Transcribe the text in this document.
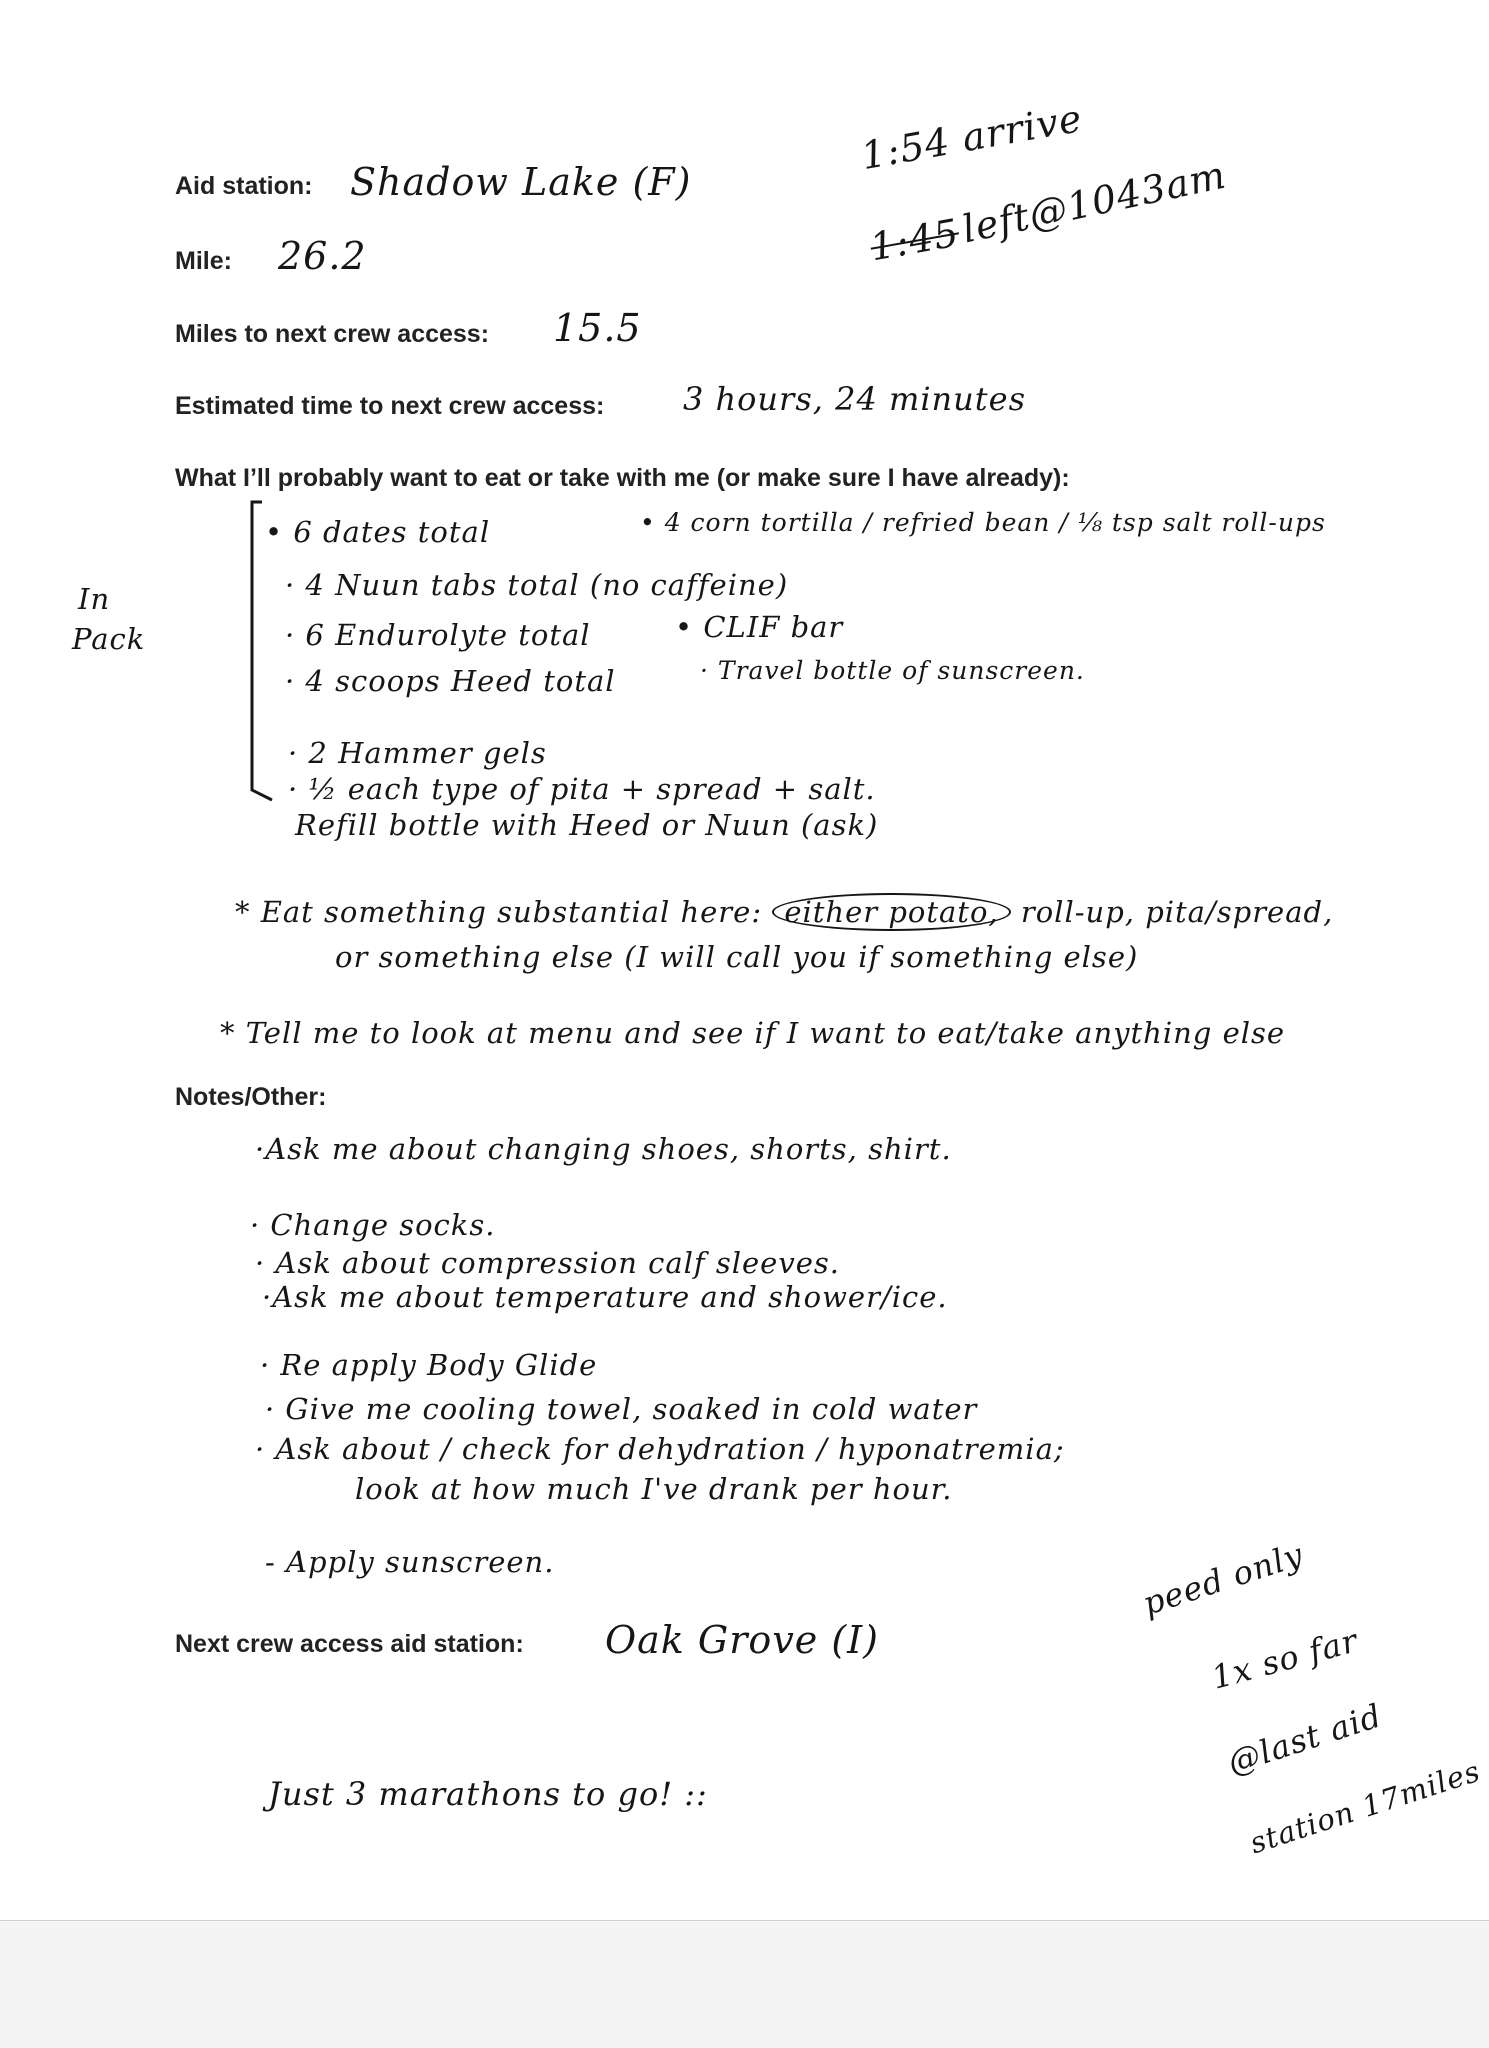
Aid station:
Mile:
Miles to next crew access:
Estimated time to next crew access:
What I’ll probably want to eat or take with me (or make sure I have already):
Notes/Other:
Next crew access aid station:
Shadow Lake (F)
26.2
15.5
3 hours, 24 minutes
1:54 arrive
1:45
left@1043am
In
Pack
• 6 dates total
· 4 Nuun tabs total (no caffeine)
· 6 Endurolyte total
· 4 scoops Heed total
· 2 Hammer gels
· ½ each type of pita + spread + salt.
• 4 corn tortilla / refried bean / ⅛ tsp salt roll-ups
• CLIF bar
· Travel bottle of sunscreen.
Refill bottle with Heed or Nuun (ask)
* Eat something substantial here: either potato, roll-up, pita/spread,
or something else (I will call you if something else)
* Tell me to look at menu and see if I want to eat/take anything else
·Ask me about changing shoes, shorts, shirt.
· Change socks.
· Ask about compression calf sleeves.
·Ask me about temperature and shower/ice.
· Re apply Body Glide
· Give me cooling towel, soaked in cold water
· Ask about / check for dehydration / hyponatremia;
look at how much I've drank per hour.
- Apply sunscreen.
Oak Grove (I)
peed only
1x so far
@last aid
station 17miles
Just 3 marathons to go! ::
